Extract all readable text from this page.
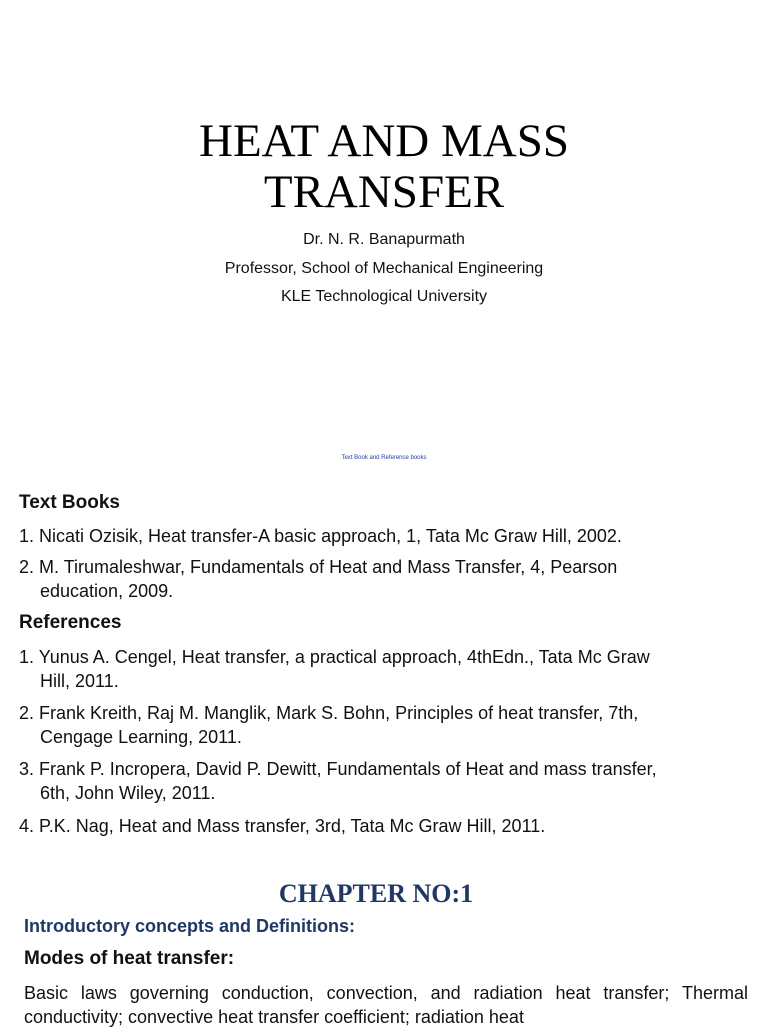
HEAT AND MASS
TRANSFER
Dr. N. R. Banapurmath
Professor, School of Mechanical Engineering
KLE Technological University
Text Book and Reference books
Text Books
1. Nicati Ozisik, Heat transfer-A basic approach, 1, Tata Mc Graw Hill, 2002.
2. M. Tirumaleshwar, Fundamentals of Heat and Mass Transfer, 4, Pearson
education, 2009.
References
1. Yunus A. Cengel, Heat transfer, a practical approach, 4thEdn., Tata Mc Graw
Hill, 2011.
2. Frank Kreith, Raj M. Manglik, Mark S. Bohn, Principles of heat transfer, 7th,
Cengage Learning, 2011.
3. Frank P. Incropera, David P. Dewitt, Fundamentals of Heat and mass transfer,
6th, John Wiley, 2011.
4. P.K. Nag, Heat and Mass transfer, 3rd, Tata Mc Graw Hill, 2011.
CHAPTER NO:1
Introductory concepts and Definitions:
Modes of heat transfer:
Basic laws governing conduction, convection, and radiation heat transfer; Thermal conductivity; convective heat transfer coefficient; radiation heat
